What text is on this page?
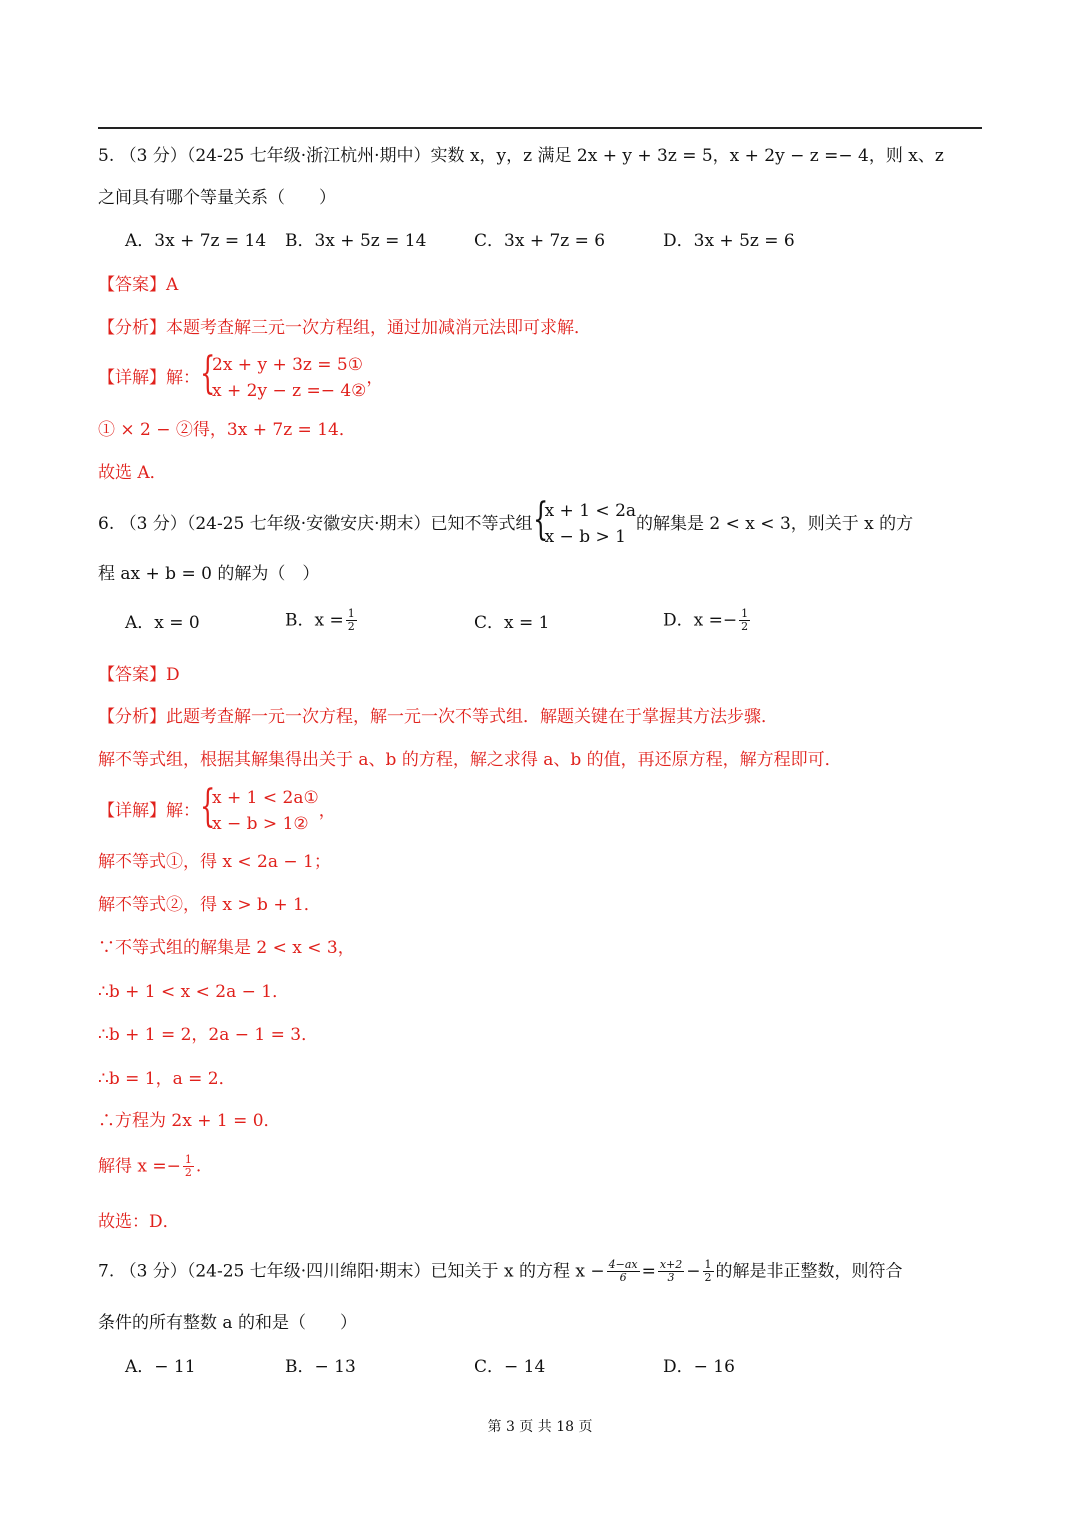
5. （3 分）（24-25 七年级·浙江杭州·期中）实数 x，y，z 满足 2x + y + 3z = 5，x + 2y − z =− 4，则 x、z
之间具有哪个等量关系（　　）
A．3x + 7z = 14 B．3x + 5z = 14	C．3x + 7z = 6	D．3x + 5z = 6
【答案】A
【分析】本题考查解三元一次方程组，通过加减消元法即可求解．
【详解】解： {
2x + y + 3z = 5①
x + 2y − z =− 4②
，
① × 2 − ②得，3x + 7z = 14．
故选 A．
6. （3 分）（24-25 七年级·安徽安庆·期末）已知不等式组 {
x + 1 < 2a
x − b > 1
的解集是 2 < x < 3，则关于 x 的方
程 ax + b = 0 的解为（　）
A．x = 0	B．$x = \frac{1}{2}$	C．x = 1	D．$x =- \frac{1}{2}$
【答案】D
【分析】此题考查解一元一次方程，解一元一次不等式组．解题关键在于掌握其方法步骤．
解不等式组，根据其解集得出关于 a、b 的方程，解之求得 a、b 的值，再还原方程，解方程即可．
【详解】解： {
x + 1 < 2a①
x − b > 1②
，
解不等式①，得 x < 2a − 1；
解不等式②，得 x > b + 1．
∵不等式组的解集是 2 < x < 3，
∴b + 1 < x < 2a − 1．
∴b + 1 = 2，2a − 1 = 3．
∴b = 1，a = 2．
∴方程为 2x + 1 = 0．
解得 $x =- \frac{1}{2}$ .
故选：D．
7. （3 分）（24-25 七年级·四川绵阳·期末）已知关于 x 的方程 $x - \frac{4-ax}{6} = \frac{x+2}{3} - \frac{1}{2}$ 的解是非正整数，则符合
条件的所有整数 a 的和是（　　）
A．− 11	B．− 13	C．− 14	D．− 16
第 3 页 共 18 页
